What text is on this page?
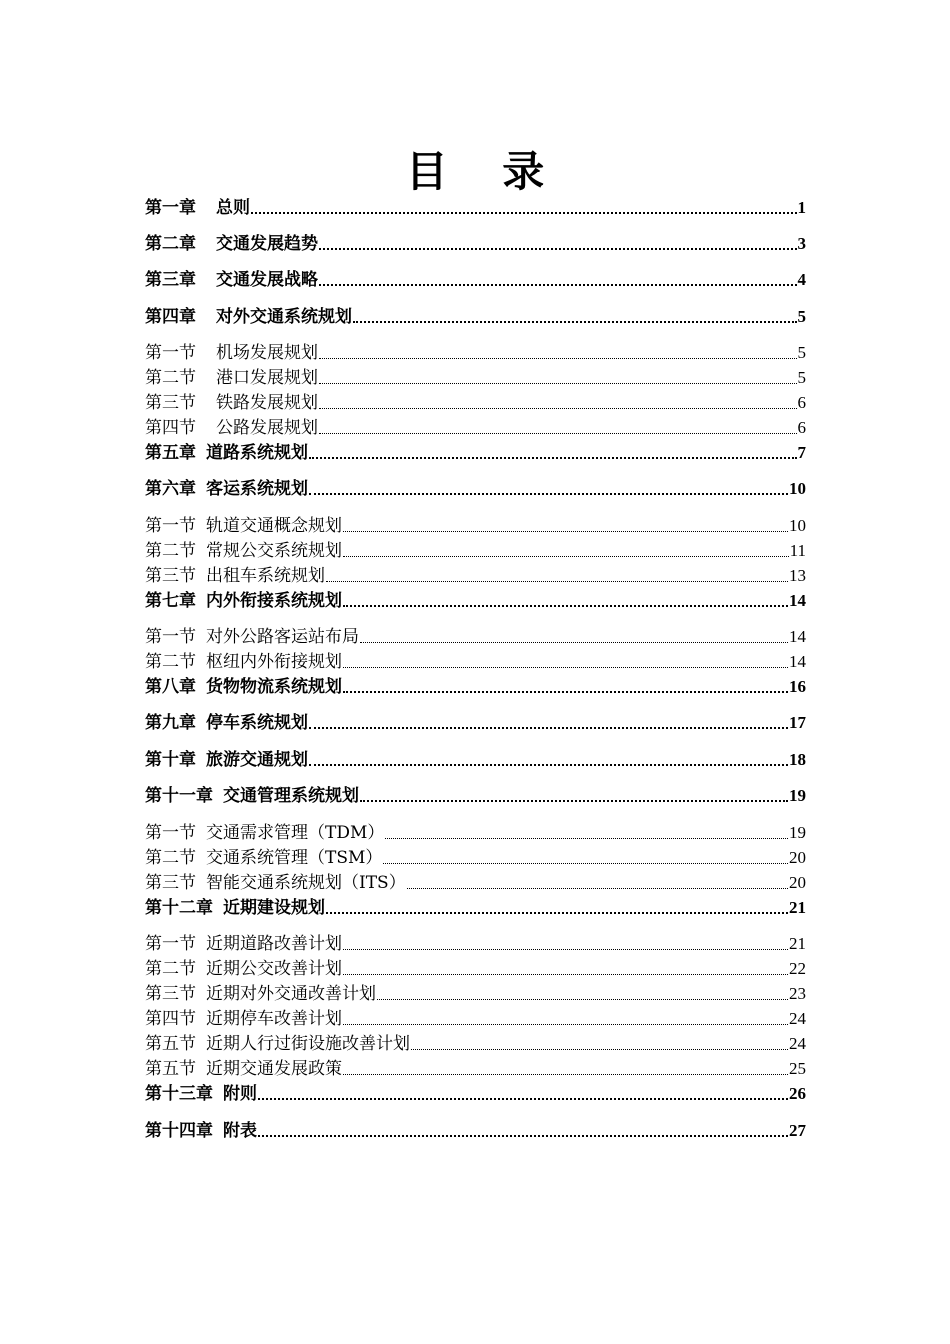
目 录
第一章 总则	1
第二章 交通发展趋势	3
第三章 交通发展战略	4
第四章 对外交通系统规划	5
第一节 机场发展规划	5
第二节 港口发展规划	5
第三节 铁路发展规划	6
第四节 公路发展规划	6
第五章 道路系统规划	7
第六章 客运系统规划	10
第一节 轨道交通概念规划	10
第二节 常规公交系统规划	11
第三节 出租车系统规划	13
第七章 内外衔接系统规划	14
第一节 对外公路客运站布局	14
第二节 枢纽内外衔接规划	14
第八章 货物物流系统规划	16
第九章 停车系统规划	17
第十章 旅游交通规划	18
第十一章 交通管理系统规划	19
第一节 交通需求管理（TDM）	19
第二节 交通系统管理（TSM）	20
第三节 智能交通系统规划（ITS）	20
第十二章 近期建设规划	21
第一节 近期道路改善计划	21
第二节 近期公交改善计划	22
第三节 近期对外交通改善计划	23
第四节 近期停车改善计划	24
第五节 近期人行过街设施改善计划	24
第五节 近期交通发展政策	25
第十三章 附则	26
第十四章 附表	27
